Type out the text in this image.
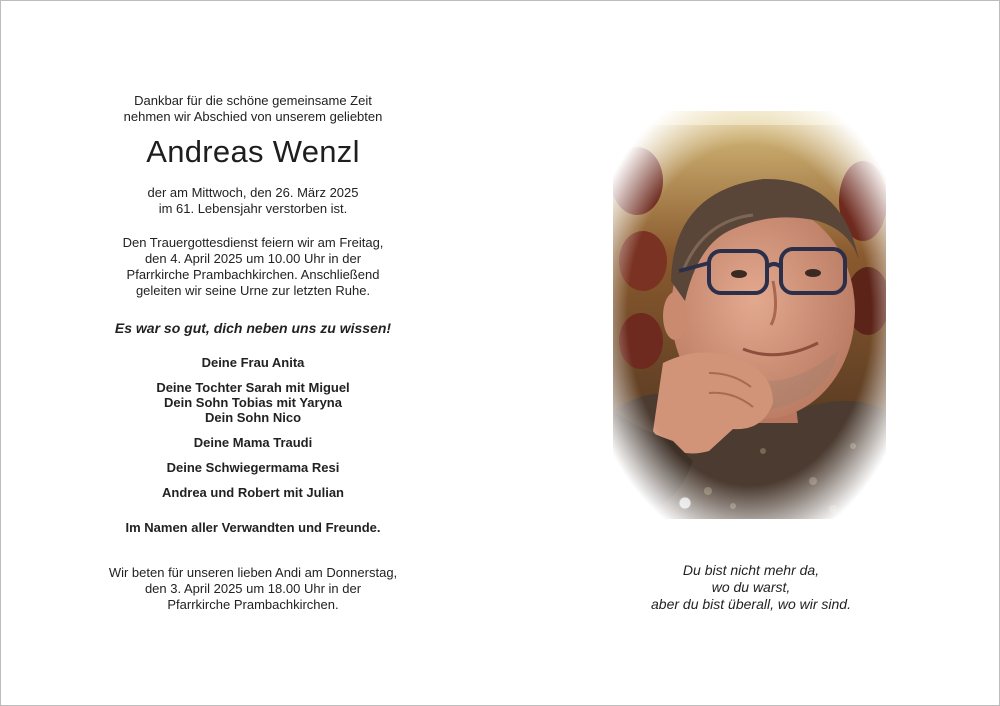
Dankbar für die schöne gemeinsame Zeit
nehmen wir Abschied von unserem geliebten
Andreas Wenzl
der am Mittwoch, den 26. März 2025
im 61. Lebensjahr verstorben ist.
Den Trauergottesdienst feiern wir am Freitag,
den 4. April 2025 um 10.00 Uhr in der
Pfarrkirche Prambachkirchen. Anschließend
geleiten wir seine Urne zur letzten Ruhe.
Es war so gut, dich neben uns zu wissen!
Deine Frau Anita
Deine Tochter Sarah mit Miguel
Dein Sohn Tobias mit Yaryna
Dein Sohn Nico
Deine Mama Traudi
Deine Schwiegermama Resi
Andrea und Robert mit Julian
Im Namen aller Verwandten und Freunde.
Wir beten für unseren lieben Andi am Donnerstag,
den 3. April 2025 um 18.00 Uhr in der
Pfarrkirche Prambachkirchen.

Du bist nicht mehr da,

wo du warst,

aber du bist überall, wo wir sind.
